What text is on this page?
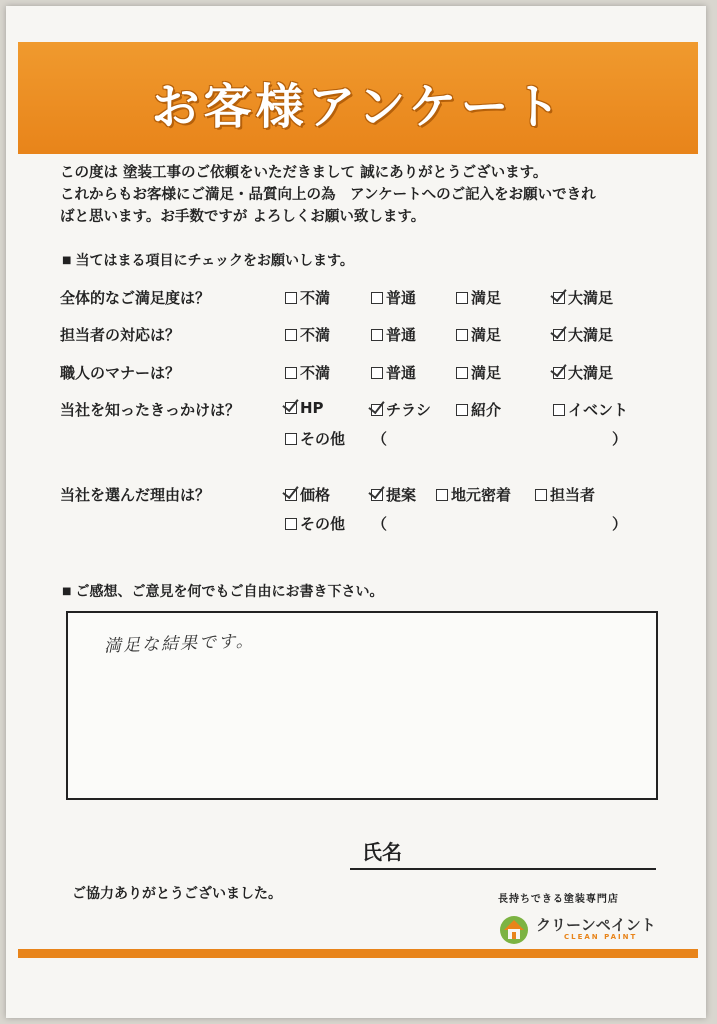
お客様アンケート

この度は 塗装工事のご依頼をいただきまして 誠にありがとうございます。

これからもお客様にご満足・品質向上の為　アンケートへのご記入をお願いできれ

ばと思います。お手数ですが よろしくお願い致します。

■ 当てはまる項目にチェックをお願いします。
全体的なご満足度は？	不満	普通	満足	大満足
担当者の対応は？	不満	普通	満足	大満足
職人のマナーは？	不満	普通	満足	大満足
当社を知ったきっかけは？	HP	チラシ	紹介	イベント
その他 （	）
当社を選んだ理由は？	価格	提案	地元密着	担当者
その他 （	）
■ ご感想、ご意見を何でもご自由にお書き下さい。
満足な結果です。
氏名
ご協力ありがとうございました。	長持ちできる塗装専門店
クリーンペイント
CLEAN PAINT
